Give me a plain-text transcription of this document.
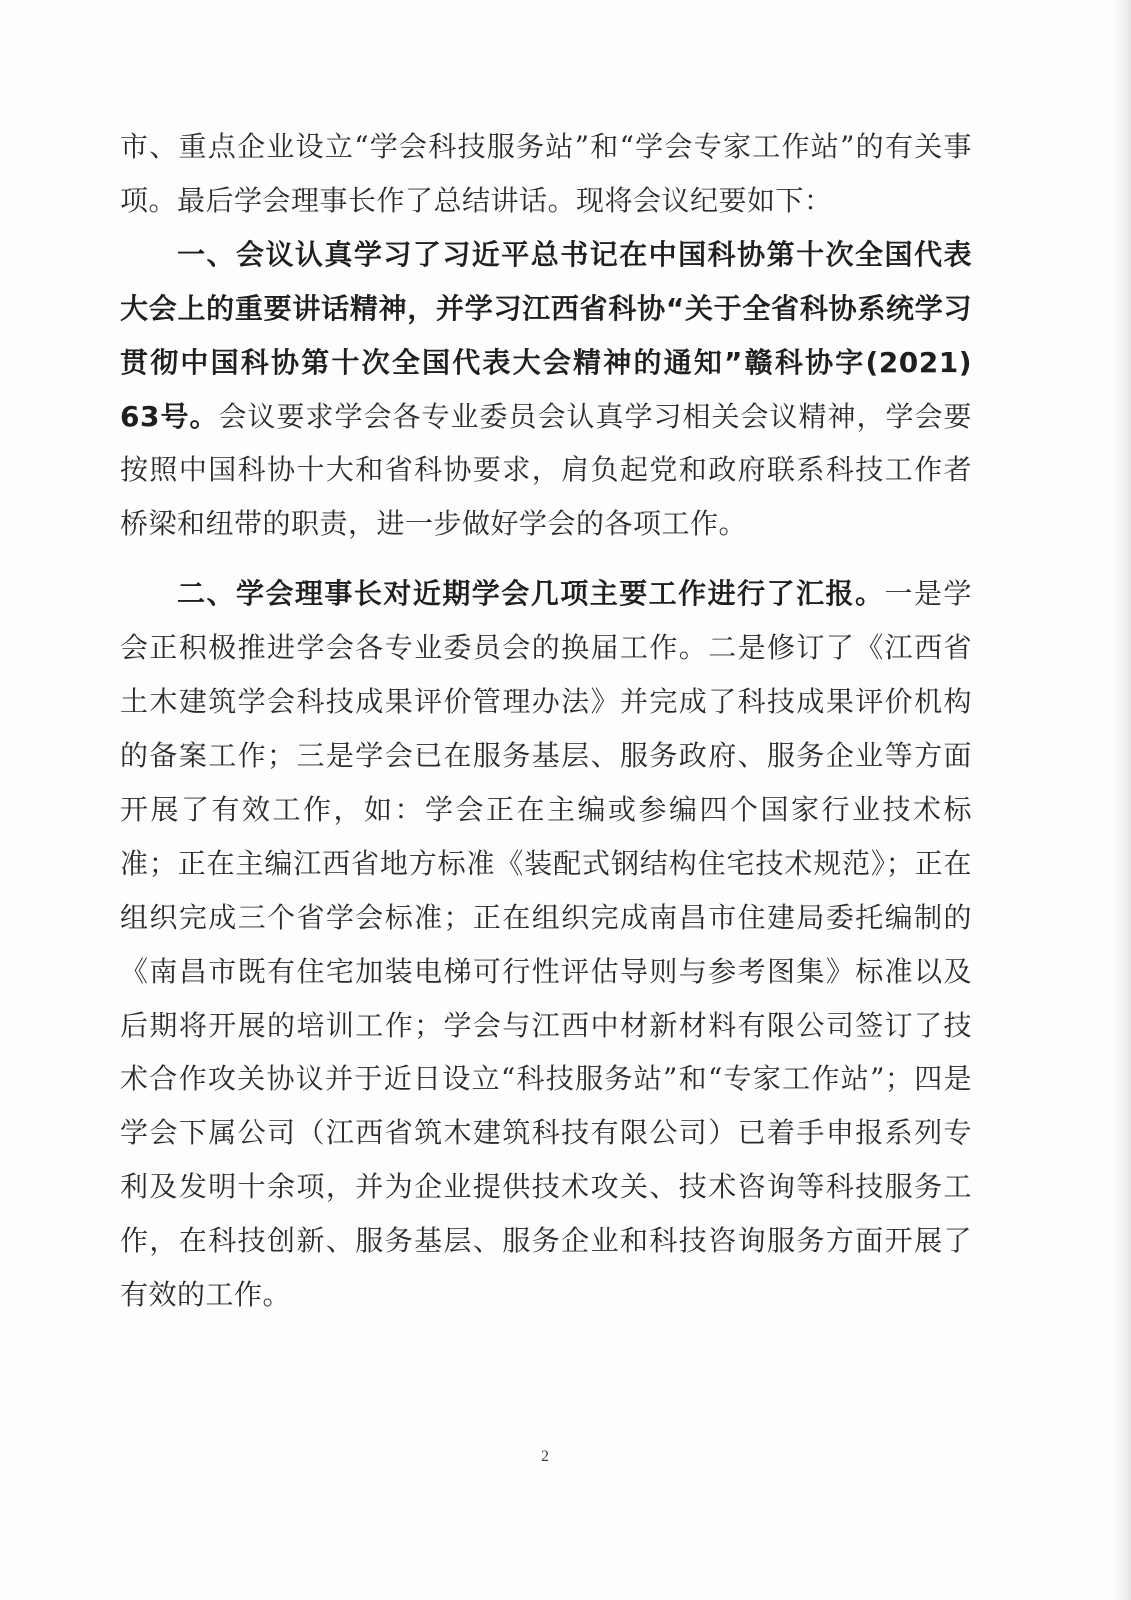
市、重点企业设立“学会科技服务站”和“学会专家工作站”的有关事项。最后学会理事长作了总结讲话。现将会议纪要如下：

一、会议认真学习了习近平总书记在中国科协第十次全国代表大会上的重要讲话精神，并学习江西省科协“关于全省科协系统学习贯彻中国科协第十次全国代表大会精神的通知”赣科协字(2021) 63号。会议要求学会各专业委员会认真学习相关会议精神，学会要按照中国科协十大和省科协要求，肩负起党和政府联系科技工作者桥梁和纽带的职责，进一步做好学会的各项工作。

二、学会理事长对近期学会几项主要工作进行了汇报。一是学会正积极推进学会各专业委员会的换届工作。二是修订了《江西省土木建筑学会科技成果评价管理办法》并完成了科技成果评价机构的备案工作；三是学会已在服务基层、服务政府、服务企业等方面开展了有效工作，如：学会正在主编或参编四个国家行业技术标准；正在主编江西省地方标准《装配式钢结构住宅技术规范》；正在组织完成三个省学会标准；正在组织完成南昌市住建局委托编制的《南昌市既有住宅加装电梯可行性评估导则与参考图集》标准以及后期将开展的培训工作；学会与江西中材新材料有限公司签订了技术合作攻关协议并于近日设立“科技服务站”和“专家工作站”；四是学会下属公司（江西省筑木建筑科技有限公司）已着手申报系列专利及发明十余项，并为企业提供技术攻关、技术咨询等科技服务工作，在科技创新、服务基层、服务企业和科技咨询服务方面开展了有效的工作。

2
